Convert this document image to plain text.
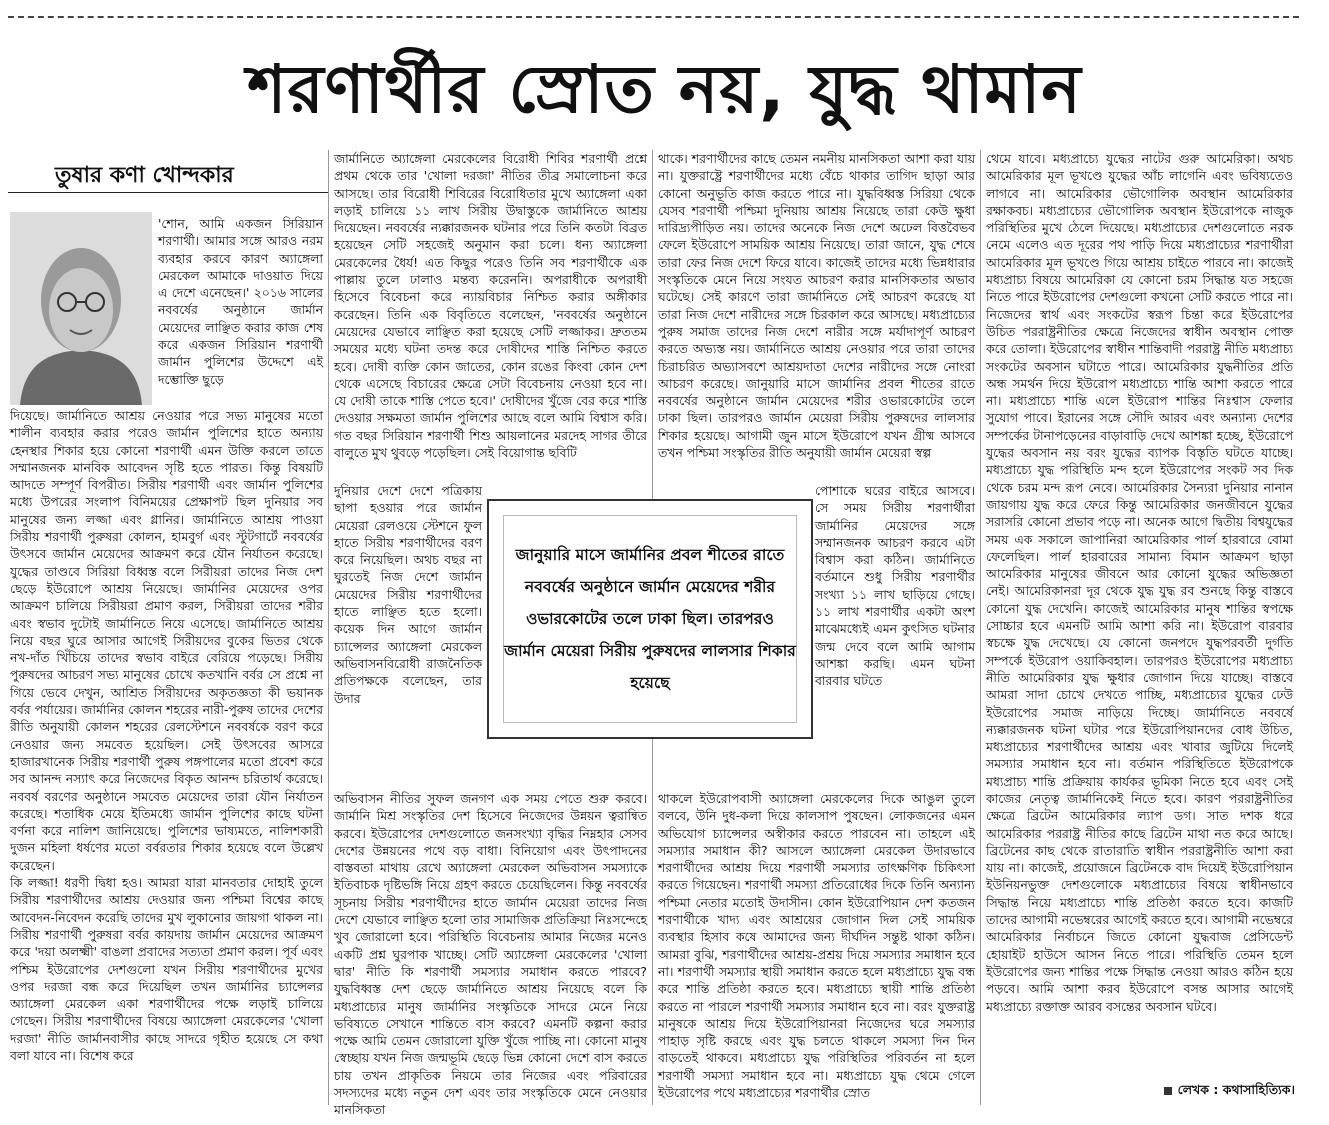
শরণার্থীর স্রোত নয়, যুদ্ধ থামান
তুষার কণা খোন্দকার

'শোন, আমি একজন সিরিয়ান শরণার্থী। আমার সঙ্গে আরও নরম ব্যবহার করবে কারণ অ্যাঙ্গেলা মেরকেল আমাকে দাওয়াত দিয়ে এ দেশে এনেছেন।' ২০১৬ সালের নববর্ষের অনুষ্ঠানে জার্মান মেয়েদের লাঞ্ছিত করার কাজ শেষ করে একজন সিরিয়ান শরণার্থী জার্মান পুলিশের উদ্দেশে এই দম্ভোক্তি ছুড়ে

দিয়েছে। জার্মানিতে আশ্রয় নেওয়ার পরে সভ্য মানুষের মতো শালীন ব্যবহার করার পরেও জার্মান পুলিশের হাতে অন্যায় হেনস্থার শিকার হয়ে কোনো শরণার্থী এমন উক্তি করলে তাতে সম্মানজনক মানবিক আবেদন সৃষ্টি হতে পারত। কিন্তু বিষয়টি আদতে সম্পূর্ণ বিপরীত। সিরীয় শরণার্থী এবং জার্মান পুলিশের মধ্যে উপরের সংলাপ বিনিময়ের প্রেক্ষাপট ছিল দুনিয়ার সব মানুষের জন্য লজ্জা এবং গ্লানির। জার্মানিতে আশ্রয় পাওয়া সিরীয় শরণার্থী পুরুষরা কোলন, হামবুর্গ এবং স্টুটগার্টে নববর্ষের উৎসবে জার্মান মেয়েদের আক্রমণ করে যৌন নির্যাতন করেছে। যুদ্ধের তাণ্ডবে সিরিয়া বিধ্বস্ত বলে সিরীয়রা তাদের নিজ দেশ ছেড়ে ইউরোপে আশ্রয় নিয়েছে। জার্মানির মেয়েদের ওপর আক্রমণ চালিয়ে সিরীয়রা প্রমাণ করল, সিরীয়রা তাদের শরীর এবং স্বভাব দুটোই জার্মানিতে নিয়ে এসেছে। জার্মানিতে আশ্রয় নিয়ে বছর ঘুরে আসার আগেই সিরীয়দের বুকের ভিতর থেকে নখ-দাঁত খিঁচিয়ে তাদের স্বভাব বাইরে বেরিয়ে পড়েছে। সিরীয় পুরুষদের আচরণ সভ্য মানুষের চোখে কতখানি বর্বর সে প্রশ্নে না গিয়ে ভেবে দেখুন, আশ্রিত সিরীয়দের অকৃতজ্ঞতা কী ভয়ানক বর্বর পর্যায়ের। জার্মানির কোলন শহরের নারী-পুরুষ তাদের দেশের রীতি অনুযায়ী কোলন শহরের রেলস্টেশনে নববর্ষকে বরণ করে নেওয়ার জন্য সমবেত হয়েছিল। সেই উৎসবের আসরে হাজারখানেক সিরীয় শরণার্থী পুরুষ পঙ্গপালের মতো প্রবেশ করে সব আনন্দ নস্যাৎ করে নিজেদের বিকৃত আনন্দ চরিতার্থ করেছে। নববর্ষ বরণের অনুষ্ঠানে সমবেত মেয়েদের তারা যৌন নির্যাতন করেছে। শতাধিক মেয়ে ইতিমধ্যে জার্মান পুলিশের কাছে ঘটনা বর্ণনা করে নালিশ জানিয়েছে। পুলিশের ভাষ্যমতে, নালিশকারী দুজন মহিলা ধর্ষণের মতো বর্বরতার শিকার হয়েছে বলে উল্লেখ করেছেন।

কি লজ্জা! ধরণী দ্বিধা হও। আমরা যারা মানবতার দোহাই তুলে সিরীয় শরণার্থীদের আশ্রয় দেওয়ার জন্য পশ্চিমা বিশ্বের কাছে আবেদন-নিবেদন করেছি তাদের মুখ লুকানোর জায়গা থাকল না। সিরীয় শরণার্থী পুরুষরা বর্বর কায়দায় জার্মান মেয়েদের আক্রমণ করে 'দয়া অলক্ষ্মী' বাঙলা প্রবাদের সত্যতা প্রমাণ করল। পূর্ব এবং পশ্চিম ইউরোপের দেশগুলো যখন সিরীয় শরণার্থীদের মুখের ওপর দরজা বন্ধ করে দিয়েছিল তখন জার্মানির চ্যান্সেলর অ্যাঙ্গেলা মেরকেল একা শরণার্থীদের পক্ষে লড়াই চালিয়ে গেছেন। সিরীয় শরণার্থীদের বিষয়ে অ্যাঙ্গেলা মেরকেলের 'খোলা দরজা' নীতি জার্মানবাসীর কাছে সাদরে গৃহীত হয়েছে সে কথা বলা যাবে না। বিশেষ করে

জার্মানিতে অ্যাঙ্গেলা মেরকেলের বিরোধী শিবির শরণার্থী প্রশ্নে প্রথম থেকে তার 'খোলা দরজা' নীতির তীব্র সমালোচনা করে আসছে। তার বিরোধী শিবিরের বিরোধিতার মুখে অ্যাঙ্গেলা একা লড়াই চালিয়ে ১১ লাখ সিরীয় উদ্বাস্তুকে জার্মানিতে আশ্রয় দিয়েছেন। নববর্ষের ন্যক্কারজনক ঘটনার পরে তিনি কতটা বিব্রত হয়েছেন সেটি সহজেই অনুমান করা চলে। ধন্য অ্যাঙ্গেলা মেরকেলের ধৈর্য! এত কিছুর পরেও তিনি সব শরণার্থীকে এক পাল্লায় তুলে ঢালাও মন্তব্য করেননি। অপরাধীকে অপরাধী হিসেবে বিবেচনা করে ন্যায়বিচার নিশ্চিত করার অঙ্গীকার করেছেন। তিনি এক বিবৃতিতে বলেছেন, 'নববর্ষের অনুষ্ঠানে মেয়েদের যেভাবে লাঞ্ছিত করা হয়েছে সেটি লজ্জাকর। দ্রুততম সময়ের মধ্যে ঘটনা তদন্ত করে দোষীদের শাস্তি নিশ্চিত করতে হবে। দোষী ব্যক্তি কোন জাতের, কোন রঙের কিংবা কোন দেশ থেকে এসেছে বিচারের ক্ষেত্রে সেটা বিবেচনায় নেওয়া হবে না। যে দোষী তাকে শাস্তি পেতে হবে।' দোষীদের খুঁজে বের করে শাস্তি দেওয়ার সক্ষমতা জার্মান পুলিশের আছে বলে আমি বিশ্বাস করি। গত বছর সিরিয়ান শরণার্থী শিশু আয়লানের মরদেহ সাগর তীরে বালুতে মুখ থুবড়ে পড়েছিল। সেই বিয়োগান্ত ছবিটি

দুনিয়ার দেশে দেশে পত্রিকায় ছাপা হওয়ার পরে জার্মান মেয়েরা রেলওয়ে স্টেশনে ফুল হাতে সিরীয় শরণার্থীদের বরণ করে নিয়েছিল। অথচ বছর না ঘুরতেই নিজ দেশে জার্মান মেয়েদের সিরীয় শরণার্থীদের হাতে লাঞ্ছিত হতে হলো। কয়েক দিন আগে জার্মান চ্যান্সেলর অ্যাঙ্গেলা মেরকেল অভিবাসনবিরোধী রাজনৈতিক প্রতিপক্ষকে বলেছেন, তার উদার

অভিবাসন নীতির সুফল জনগণ এক সময় পেতে শুরু করবে। জার্মানি মিশ্র সংস্কৃতির দেশ হিসেবে নিজেদের উন্নয়ন ত্বরান্বিত করবে। ইউরোপের দেশগুলোতে জনসংখ্যা বৃদ্ধির নিম্নহার সেসব দেশের উন্নয়নের পথে বড় বাধা। বিনিয়োগ এবং উৎপাদনের বাস্তবতা মাথায় রেখে অ্যাঙ্গেলা মেরকেল অভিবাসন সমস্যাকে ইতিবাচক দৃষ্টিভঙ্গি নিয়ে গ্রহণ করতে চেয়েছিলেন। কিন্তু নববর্ষের সূচনায় সিরীয় শরণার্থীদের হাতে জার্মান মেয়েরা তাদের নিজ দেশে যেভাবে লাঞ্ছিত হলো তার সামাজিক প্রতিক্রিয়া নিঃসন্দেহে খুব জোরালো হবে। পরিস্থিতি বিবেচনায় আমার নিজের মনেও একটি প্রশ্ন ঘুরপাক খাচ্ছে। সেটি অ্যাঙ্গেলা মেরকেলের 'খোলা দ্বার' নীতি কি শরণার্থী সমস্যার সমাধান করতে পারবে? যুদ্ধবিধ্বস্ত দেশ ছেড়ে জার্মানিতে আশ্রয় নিয়েছে বলে কি মধ্যপ্রাচ্যের মানুষ জার্মানির সংস্কৃতিকে সাদরে মেনে নিয়ে ভবিষ্যতে সেখানে শান্তিতে বাস করবে? এমনটি কল্পনা করার পক্ষে আমি তেমন জোরালো যুক্তি খুঁজে পাচ্ছি না। কোনো মানুষ স্বেচ্ছায় যখন নিজ জন্মভূমি ছেড়ে ভিন্ন কোনো দেশে বাস করতে চায় তখন প্রাকৃতিক নিয়মে তার নিজের এবং পরিবারের সদস্যদের মধ্যে নতুন দেশ এবং তার সংস্কৃতিকে মেনে নেওয়ার মানসিকতা

থাকে। শরণার্থীদের কাছে তেমন নমনীয় মানসিকতা আশা করা যায় না। যুক্তরাষ্ট্রে শরণার্থীদের মধ্যে বেঁচে থাকার তাগিদ ছাড়া আর কোনো অনুভূতি কাজ করতে পারে না। যুদ্ধবিধ্বস্ত সিরিয়া থেকে যেসব শরণার্থী পশ্চিমা দুনিয়ায় আশ্রয় নিয়েছে তারা কেউ ক্ষুধা দারিদ্র্যপীড়িত নয়। তাদের অনেকে নিজ দেশে অঢেল বিত্তবৈভব ফেলে ইউরোপে সাময়িক আশ্রয় নিয়েছে। তারা জানে, যুদ্ধ শেষে তারা ফের নিজ দেশে ফিরে যাবে। কাজেই তাদের মধ্যে ভিন্নধারার সংস্কৃতিকে মেনে নিয়ে সংযত আচরণ করার মানসিকতার অভাব ঘটেছে। সেই কারণে তারা জার্মানিতে সেই আচরণ করেছে যা তারা নিজ দেশে নারীদের সঙ্গে চিরকাল করে আসছে। মধ্যপ্রাচ্যের পুরুষ সমাজ তাদের নিজ দেশে নারীর সঙ্গে মর্যাদাপূর্ণ আচরণ করতে অভ্যস্ত নয়। জার্মানিতে আশ্রয় নেওয়ার পরে তারা তাদের চিরাচরিত অভ্যাসবশে আশ্রয়দাতা দেশের নারীদের সঙ্গে নোংরা আচরণ করেছে। জানুয়ারি মাসে জার্মানির প্রবল শীতের রাতে নববর্ষের অনুষ্ঠানে জার্মান মেয়েদের শরীর ওভারকোটের তলে ঢাকা ছিল। তারপরও জার্মান মেয়েরা সিরীয় পুরুষদের লালসার শিকার হয়েছে। আগামী জুন মাসে ইউরোপে যখন গ্রীষ্ম আসবে তখন পশ্চিমা সংস্কৃতির রীতি অনুযায়ী জার্মান মেয়েরা স্বল্প

পোশাকে ঘরের বাইরে আসবে। সে সময় সিরীয় শরণার্থীরা জার্মানির মেয়েদের সঙ্গে সম্মানজনক আচরণ করবে এটা বিশ্বাস করা কঠিন। জার্মানিতে বর্তমানে শুধু সিরীয় শরণার্থীর সংখ্যা ১১ লাখ ছাড়িয়ে গেছে। ১১ লাখ শরণার্থীর একটা অংশ মাঝেমধ্যেই এমন কুৎসিত ঘটনার জন্ম দেবে বলে আমি আগাম আশঙ্কা করছি। এমন ঘটনা বারবার ঘটতে

থাকলে ইউরোপবাসী অ্যাঙ্গেলা মেরকেলের দিকে আঙুল তুলে বলবে, উনি দুধ-কলা দিয়ে কালসাপ পুষছেন। লোকজনের এমন অভিযোগ চ্যান্সেলর অস্বীকার করতে পারবেন না। তাহলে এই সমস্যার সমাধান কী? আসলে অ্যাঙ্গেলা মেরকেল উদারভাবে শরণার্থীদের আশ্রয় দিয়ে শরণার্থী সমস্যার তাৎক্ষণিক চিকিৎসা করতে গিয়েছেন। শরণার্থী সমস্যা প্রতিরোধের দিকে তিনি অন্যান্য পশ্চিমা নেতার মতোই উদাসীন। কোন ইউরোপিয়ান দেশ কতজন শরণার্থীকে খাদ্য এবং আশ্রয়ের জোগান দিল সেই সাময়িক ব্যবস্থার হিসাব কষে আমাদের জন্য দীর্ঘদিন সন্তুষ্ট থাকা কঠিন। আমরা বুঝি, শরণার্থীদের আশ্রয়-প্রশ্রয় দিয়ে সমস্যার সমাধান হবে না। শরণার্থী সমস্যার স্থায়ী সমাধান করতে হলে মধ্যপ্রাচ্যে যুদ্ধ বন্ধ করে শান্তি প্রতিষ্ঠা করতে হবে। মধ্যপ্রাচ্যে স্থায়ী শান্তি প্রতিষ্ঠা করতে না পারলে শরণার্থী সমস্যার সমাধান হবে না। বরং যুক্তরাষ্ট্র মানুষকে আশ্রয় দিয়ে ইউরোপিয়ানরা নিজেদের ঘরে সমস্যার পাহাড় সৃষ্টি করছে এবং যুদ্ধ চলতে থাকলে সমস্যা দিন দিন বাড়তেই থাকবে। মধ্যপ্রাচ্যে যুদ্ধ পরিস্থিতির পরিবর্তন না হলে শরণার্থী সমস্যা সমাধান হবে না। মধ্যপ্রাচ্যে যুদ্ধ থেমে গেলে ইউরোপের পথে মধ্যপ্রাচ্যের শরণার্থীর স্রোত

থেমে যাবে। মধ্যপ্রাচ্যে যুদ্ধের নাটের গুরু আমেরিকা। অথচ আমেরিকার মূল ভূখণ্ডে যুদ্ধের আঁচ লাগেনি এবং ভবিষ্যতেও লাগবে না। আমেরিকার ভৌগোলিক অবস্থান আমেরিকার রক্ষাকবচ। মধ্যপ্রাচ্যের ভৌগোলিক অবস্থান ইউরোপকে নাজুক পরিস্থিতির মুখে ঠেলে দিয়েছে। মধ্যপ্রাচ্যের দেশগুলোতে নরক নেমে এলেও এত দূরের পথ পাড়ি দিয়ে মধ্যপ্রাচ্যের শরণার্থীরা আমেরিকার মূল ভূখণ্ডে গিয়ে আশ্রয় চাইতে পারবে না। কাজেই মধ্যপ্রাচ্য বিষয়ে আমেরিকা যে কোনো চরম সিদ্ধান্ত যত সহজে নিতে পারে ইউরোপের দেশগুলো কখনো সেটি করতে পারে না। নিজেদের স্বার্থ এবং সংকটের স্বরূপ চিন্তা করে ইউরোপের উচিত পররাষ্ট্রনীতির ক্ষেত্রে নিজেদের স্বাধীন অবস্থান পোক্ত করে তোলা। ইউরোপের স্বাধীন শান্তিবাদী পররাষ্ট্র নীতি মধ্যপ্রাচ্য সংকটের অবসান ঘটাতে পারে। আমেরিকার যুদ্ধনীতির প্রতি অন্ধ সমর্থন দিয়ে ইউরোপ মধ্যপ্রাচ্যে শান্তি আশা করতে পারে না। মধ্যপ্রাচ্যে শান্তি এলে ইউরোপ শান্তির নিঃশ্বাস ফেলার সুযোগ পাবে। ইরানের সঙ্গে সৌদি আরব এবং অন্যান্য দেশের সম্পর্কের টানাপড়েনের বাড়াবাড়ি দেখে আশঙ্কা হচ্ছে, ইউরোপে যুদ্ধের অবসান নয় বরং যুদ্ধের ব্যাপক বিস্তৃতি ঘটতে যাচ্ছে। মধ্যপ্রাচ্যে যুদ্ধ পরিস্থিতি মন্দ হলে ইউরোপের সংকট সব দিক থেকে চরম মন্দ রূপ নেবে। আমেরিকার সৈন্যরা দুনিয়ার নানান জায়গায় যুদ্ধ করে ফেরে কিন্তু আমেরিকার জনজীবনে যুদ্ধের সরাসরি কোনো প্রভাব পড়ে না। অনেক আগে দ্বিতীয় বিশ্বযুদ্ধের সময় এক সকালে জাপানিরা আমেরিকার পার্ল হারবারে বোমা ফেলেছিল। পার্ল হারবারের সামান্য বিমান আক্রমণ ছাড়া আমেরিকার মানুষের জীবনে আর কোনো যুদ্ধের অভিজ্ঞতা নেই। আমেরিকানরা দূর থেকে যুদ্ধ যুদ্ধ রব শুনছে কিন্তু বাস্তবে কোনো যুদ্ধ দেখেনি। কাজেই আমেরিকার মানুষ শান্তির স্বপক্ষে সোচ্চার হবে এমনটি আমি আশা করি না। ইউরোপ বারবার স্বচক্ষে যুদ্ধ দেখেছে। যে কোনো জনপদে যুদ্ধপরবর্তী দুর্গতি সম্পর্কে ইউরোপ ওয়াকিবহাল। তারপরও ইউরোপের মধ্যপ্রাচ্য নীতি আমেরিকার যুদ্ধ ক্ষুধার জোগান দিয়ে যাচ্ছে। বাস্তবে আমরা সাদা চোখে দেখতে পাচ্ছি, মধ্যপ্রাচ্যের যুদ্ধের ঢেউ ইউরোপের সমাজ নাড়িয়ে দিচ্ছে। জার্মানিতে নববর্ষে ন্যক্কারজনক ঘটনা ঘটার পরে ইউরোপিয়ানদের বোধ উচিত, মধ্যপ্রাচ্যের শরণার্থীদের আশ্রয় এবং খাবার জুটিয়ে দিলেই সমস্যার সমাধান হবে না। বর্তমান পরিস্থিতিতে ইউরোপকে মধ্যপ্রাচ্য শান্তি প্রক্রিয়ায় কার্যকর ভূমিকা নিতে হবে এবং সেই কাজের নেতৃত্ব জার্মানিকেই নিতে হবে। কারণ পররাষ্ট্রনীতির ক্ষেত্রে ব্রিটেন আমেরিকার ল্যাপ ডগ। সাত দশক ধরে আমেরিকার পররাষ্ট্র নীতির কাছে ব্রিটেন মাথা নত করে আছে। ব্রিটেনের কাছ থেকে রাতারাতি স্বাধীন পররাষ্ট্রনীতি আশা করা যায় না। কাজেই, প্রয়োজনে ব্রিটেনকে বাদ দিয়েই ইউরোপিয়ান ইউনিয়নভুক্ত দেশগুলোকে মধ্যপ্রাচ্যের বিষয়ে স্বাধীনভাবে সিদ্ধান্ত নিয়ে মধ্যপ্রাচ্যে শান্তি প্রতিষ্ঠা করতে হবে। কাজটি তাদের আগামী নভেম্বরের আগেই করতে হবে। আগামী নভেম্বরে আমেরিকার নির্বাচনে জিতে কোনো যুদ্ধবাজ প্রেসিডেন্ট হোয়াইট হাউসে আসন নিতে পারে। পরিস্থিতি তেমন হলে ইউরোপের জন্য শান্তির পক্ষে সিদ্ধান্ত নেওয়া আরও কঠিন হয়ে পড়বে। আমি আশা করব ইউরোপে বসন্ত আসার আগেই মধ্যপ্রাচ্যে রক্তাক্ত আরব বসন্তের অবসান ঘটবে।

জানুয়ারি মাসে জার্মানির প্রবল শীতের রাতে নববর্ষের অনুষ্ঠানে জার্মান মেয়েদের শরীর ওভারকোটের তলে ঢাকা ছিল। তারপরও জার্মান মেয়েরা সিরীয় পুরুষদের লালসার শিকার হয়েছে
লেখক : কথাসাহিত্যিক।
